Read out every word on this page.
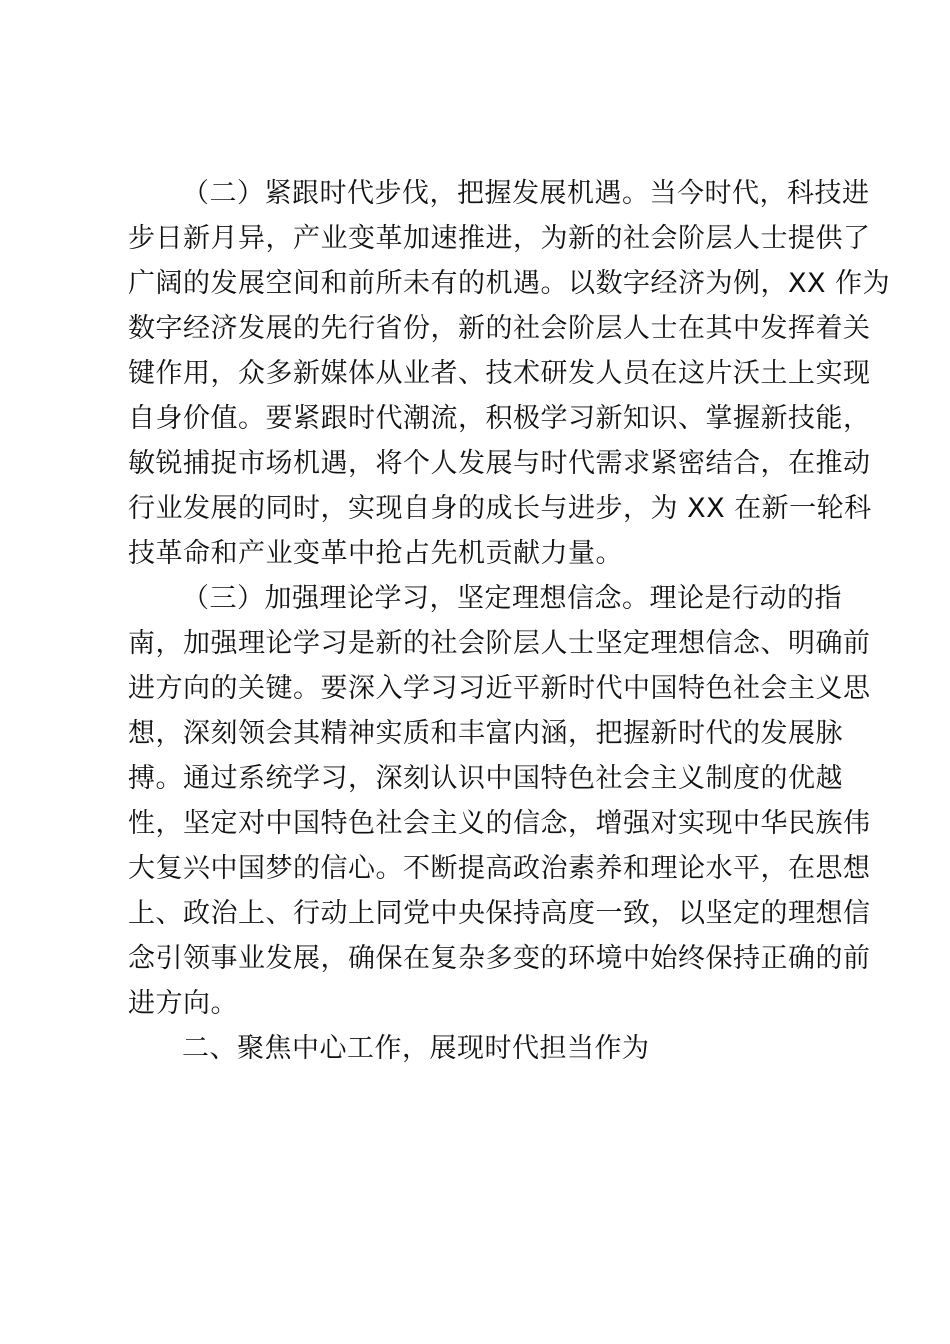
（二）紧跟时代步伐，把握发展机遇。当今时代，科技进
步日新月异，产业变革加速推进，为新的社会阶层人士提供了
广阔的发展空间和前所未有的机遇。以数字经济为例，XX 作为
数字经济发展的先行省份，新的社会阶层人士在其中发挥着关
键作用，众多新媒体从业者、技术研发人员在这片沃土上实现
自身价值。要紧跟时代潮流，积极学习新知识、掌握新技能，
敏锐捕捉市场机遇，将个人发展与时代需求紧密结合，在推动
行业发展的同时，实现自身的成长与进步，为 XX 在新一轮科
技革命和产业变革中抢占先机贡献力量。
（三）加强理论学习，坚定理想信念。理论是行动的指
南，加强理论学习是新的社会阶层人士坚定理想信念、明确前
进方向的关键。要深入学习习近平新时代中国特色社会主义思
想，深刻领会其精神实质和丰富内涵，把握新时代的发展脉
搏。通过系统学习，深刻认识中国特色社会主义制度的优越
性，坚定对中国特色社会主义的信念，增强对实现中华民族伟
大复兴中国梦的信心。不断提高政治素养和理论水平，在思想
上、政治上、行动上同党中央保持高度一致，以坚定的理想信
念引领事业发展，确保在复杂多变的环境中始终保持正确的前
进方向。
二、聚焦中心工作，展现时代担当作为
